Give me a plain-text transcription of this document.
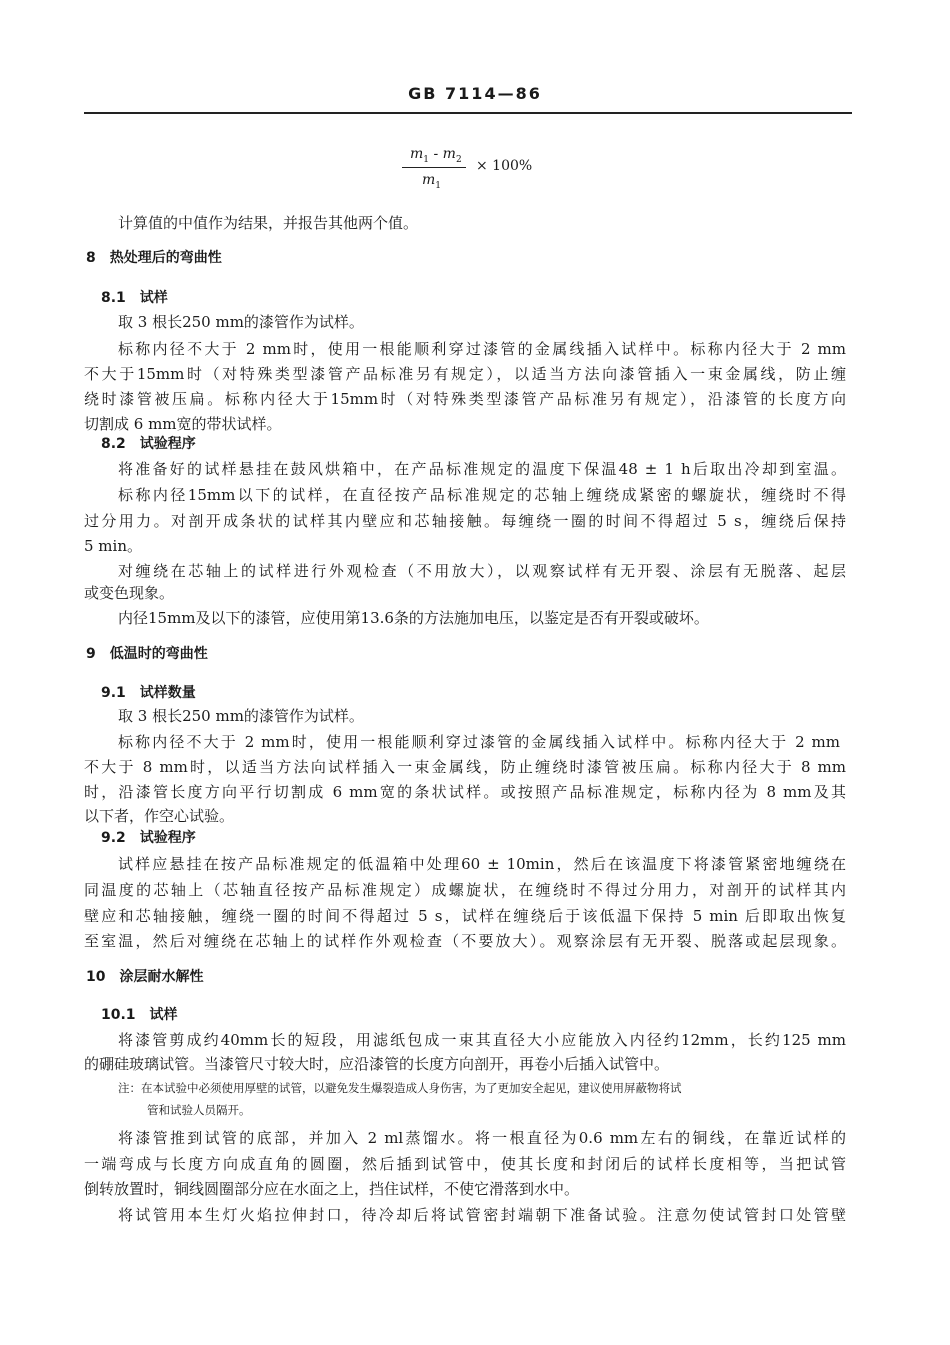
GB 7114—86
$m_1 - m_2$
$m_1$
× 100%
计算值的中值作为结果，并报告其他两个值。
8　热处理后的弯曲性
8.1　试样
取 3 根长250 mm的漆管作为试样。
标称内径不大于 2 mm时，使用一根能顺利穿过漆管的金属线插入试样中。标称内径大于 2 mm
不大于15mm时（对特殊类型漆管产品标准另有规定），以适当方法向漆管插入一束金属线，防止缠
绕时漆管被压扁。标称内径大于15mm时（对特殊类型漆管产品标准另有规定），沿漆管的长度方向
切割成 6 mm宽的带状试样。
8.2　试验程序
将准备好的试样悬挂在鼓风烘箱中，在产品标准规定的温度下保温48 ± 1 h后取出冷却到室温。
标称内径15mm以下的试样，在直径按产品标准规定的芯轴上缠绕成紧密的螺旋状，缠绕时不得
过分用力。对剖开成条状的试样其内壁应和芯轴接触。每缠绕一圈的时间不得超过 5 s，缠绕后保持
5 min。
对缠绕在芯轴上的试样进行外观检查（不用放大），以观察试样有无开裂、涂层有无脱落、起层
或变色现象。
内径15mm及以下的漆管，应使用第13.6条的方法施加电压，以鉴定是否有开裂或破坏。
9　低温时的弯曲性
9.1　试样数量
取 3 根长250 mm的漆管作为试样。
标称内径不大于 2 mm时，使用一根能顺利穿过漆管的金属线插入试样中。标称内径大于 2 mm
不大于 8 mm时，以适当方法向试样插入一束金属线，防止缠绕时漆管被压扁。标称内径大于 8 mm
时，沿漆管长度方向平行切割成 6 mm宽的条状试样。或按照产品标准规定，标称内径为 8 mm及其
以下者，作空心试验。
9.2　试验程序
试样应悬挂在按产品标准规定的低温箱中处理60 ± 10min，然后在该温度下将漆管紧密地缠绕在
同温度的芯轴上（芯轴直径按产品标准规定）成螺旋状，在缠绕时不得过分用力，对剖开的试样其内
壁应和芯轴接触，缠绕一圈的时间不得超过 5 s，试样在缠绕后于该低温下保持 5 min 后即取出恢复
至室温，然后对缠绕在芯轴上的试样作外观检查（不要放大）。观察涂层有无开裂、脱落或起层现象。
10　涂层耐水解性
10.1　试样
将漆管剪成约40mm长的短段，用滤纸包成一束其直径大小应能放入内径约12mm，长约125 mm
的硼硅玻璃试管。当漆管尺寸较大时，应沿漆管的长度方向剖开，再卷小后插入试管中。
注：在本试验中必须使用厚壁的试管，以避免发生爆裂造成人身伤害，为了更加安全起见，建议使用屏蔽物将试
管和试验人员隔开。
将漆管推到试管的底部，并加入 2 ml蒸馏水。将一根直径为0.6 mm左右的铜线，在靠近试样的
一端弯成与长度方向成直角的圆圈，然后插到试管中，使其长度和封闭后的试样长度相等，当把试管
倒转放置时，铜线圆圈部分应在水面之上，挡住试样，不使它滑落到水中。
将试管用本生灯火焰拉伸封口，待冷却后将试管密封端朝下准备试验。注意勿使试管封口处管壁
